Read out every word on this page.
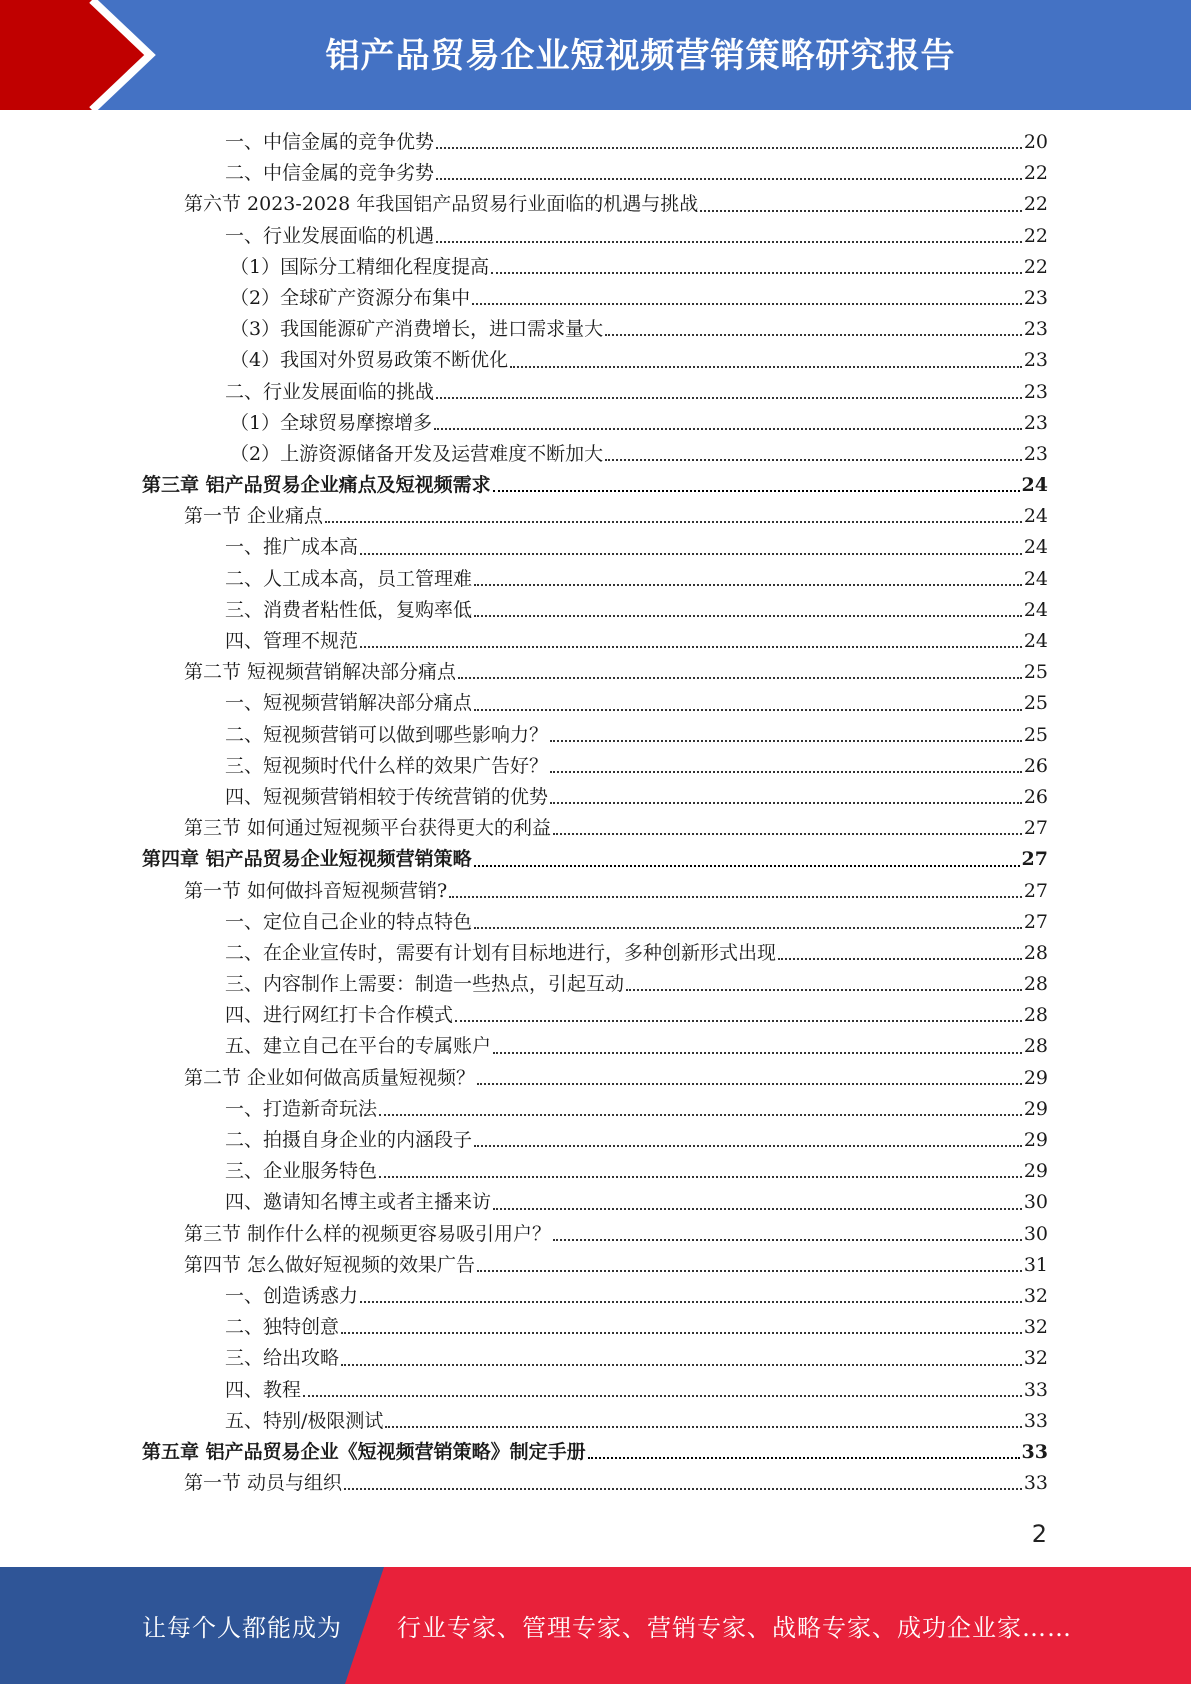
铝产品贸易企业短视频营销策略研究报告
一、中信金属的竞争优势	20
二、中信金属的竞争劣势	22
第六节 2023-2028 年我国铝产品贸易行业面临的机遇与挑战	22
一、行业发展面临的机遇	22
（1）国际分工精细化程度提高	22
（2）全球矿产资源分布集中	23
（3）我国能源矿产消费增长，进口需求量大	23
（4）我国对外贸易政策不断优化	23
二、行业发展面临的挑战	23
（1）全球贸易摩擦增多	23
（2）上游资源储备开发及运营难度不断加大	23
第三章 铝产品贸易企业痛点及短视频需求	24
第一节 企业痛点	24
一、推广成本高	24
二、人工成本高，员工管理难	24
三、消费者粘性低，复购率低	24
四、管理不规范	24
第二节 短视频营销解决部分痛点	25
一、短视频营销解决部分痛点	25
二、短视频营销可以做到哪些影响力？	25
三、短视频时代什么样的效果广告好？	26
四、短视频营销相较于传统营销的优势	26
第三节 如何通过短视频平台获得更大的利益	27
第四章 铝产品贸易企业短视频营销策略	27
第一节 如何做抖音短视频营销?	27
一、定位自己企业的特点特色	27
二、在企业宣传时，需要有计划有目标地进行，多种创新形式出现	28
三、内容制作上需要：制造一些热点，引起互动	28
四、进行网红打卡合作模式	28
五、建立自己在平台的专属账户	28
第二节 企业如何做高质量短视频？	29
一、打造新奇玩法	29
二、拍摄自身企业的内涵段子	29
三、企业服务特色	29
四、邀请知名博主或者主播来访	30
第三节 制作什么样的视频更容易吸引用户？	30
第四节 怎么做好短视频的效果广告	31
一、创造诱惑力	32
二、独特创意	32
三、给出攻略	32
四、教程	33
五、特别/极限测试	33
第五章 铝产品贸易企业《短视频营销策略》制定手册	33
第一节 动员与组织	33
2
让每个人都能成为 行业专家、管理专家、营销专家、战略专家、成功企业家……
